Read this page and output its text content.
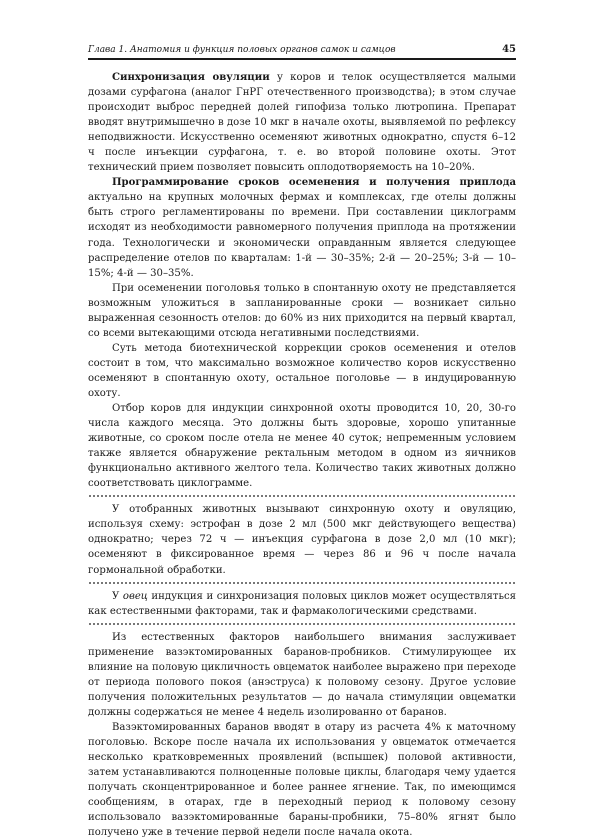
Глава 1. Анатомия и функция половых органов самок и самцов	45

Синхронизация овуляции у коров и телок осуществляется малыми дозами сурфагона (аналог ГнРГ отечественного производства); в этом случае происходит выброс передней долей гипофиза только лютропина. Препарат вводят внутримышечно в дозе 10 мкг в начале охоты, выявляемой по рефлексу неподвижности. Искусственно осеменяют животных однократно, спустя 6–12 ч после инъекции сурфагона, т. е. во второй половине охоты. Этот технический прием позволяет повысить оплодотворяемость на 10–20%.

Программирование сроков осеменения и получения приплода актуально на крупных молочных фермах и комплексах, где отелы должны быть строго регламентированы по времени. При составлении циклограмм исходят из необходимости равномерного получения приплода на протяжении года. Технологически и экономически оправданным является следующее распределение отелов по кварталам: 1-й — 30–35%; 2-й — 20–25%; 3-й — 10–15%; 4-й — 30–35%.

При осеменении поголовья только в спонтанную охоту не представляется возможным уложиться в запланированные сроки — возникает сильно выраженная сезонность отелов: до 60% из них приходится на первый квартал, со всеми вытекающими отсюда негативными последствиями.

Суть метода биотехнической коррекции сроков осеменения и отелов состоит в том, что максимально возможное количество коров искусственно осеменяют в спонтанную охоту, остальное поголовье — в индуцированную охоту.

Отбор коров для индукции синхронной охоты проводится 10, 20, 30-го числа каждого месяца. Это должны быть здоровые, хорошо упитанные животные, со сроком после отела не менее 40 суток; непременным условием также является обнаружение ректальным методом в одном из яичников функционально активного желтого тела. Количество таких животных должно соответствовать циклограмме.

У отобранных животных вызывают синхронную охоту и овуляцию, используя схему: эстрофан в дозе 2 мл (500 мкг действующего вещества) однократно; через 72 ч — инъекция сурфагона в дозе 2,0 мл (10 мкг); осеменяют в фиксированное время — через 86 и 96 ч после начала гормональной обработки.

У овец индукция и синхронизация половых циклов может осуществляться как естественными факторами, так и фармакологическими средствами.

Из естественных факторов наибольшего внимания заслуживает применение вазэктомированных баранов-пробников. Стимулирующее их влияние на половую цикличность овцематок наиболее выражено при переходе от периода полового покоя (анэструса) к половому сезону. Другое условие получения положительных результатов — до начала стимуляции овцематки должны содержаться не менее 4 недель изолированно от баранов.

Вазэктомированных баранов вводят в отару из расчета 4% к маточному поголовью. Вскоре после начала их использования у овцематок отмечается несколько кратковременных проявлений (вспышек) половой активности, затем устанавливаются полноценные половые циклы, благодаря чему удается получать сконцентрированное и более раннее ягнение. Так, по имеющимся сообщениям, в отарах, где в переходный период к половому сезону использовало вазэктомированные бараны-пробники, 75–80% ягнят было получено уже в течение первой недели после начала окота.
